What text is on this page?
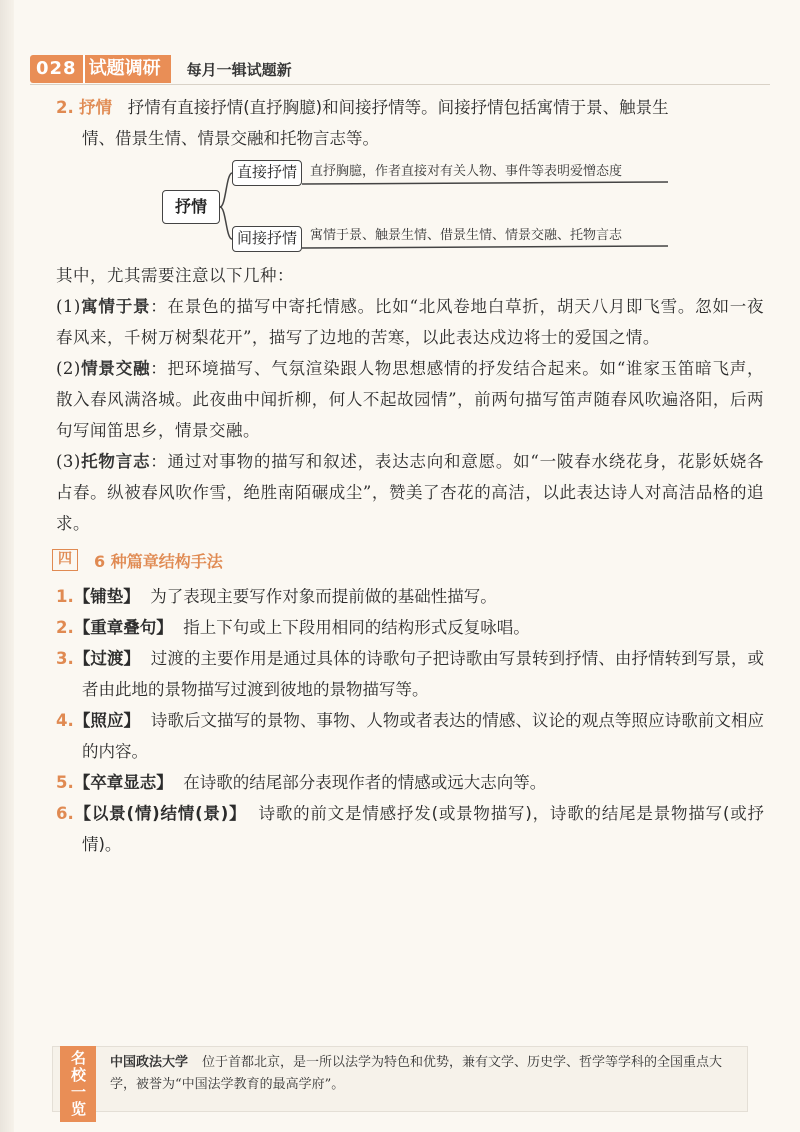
028 试题调研	每月一辑试题新

2. 抒情 抒情有直接抒情(直抒胸臆)和间接抒情等。间接抒情包括寓情于景、触景生
情、借景生情、情景交融和托物言志等。

抒情
直接抒情
间接抒情
直抒胸臆，作者直接对有关人物、事件等表明爱憎态度
寓情于景、触景生情、借景生情、情景交融、托物言志

其中，尤其需要注意以下几种：

(1)寓情于景：在景色的描写中寄托情感。比如“北风卷地白草折，胡天八月即飞雪。忽如一夜春风来，千树万树梨花开”，描写了边地的苦寒，以此表达戍边将士的爱国之情。

(2)情景交融：把环境描写、气氛渲染跟人物思想感情的抒发结合起来。如“谁家玉笛暗飞声，散入春风满洛城。此夜曲中闻折柳，何人不起故园情”，前两句描写笛声随春风吹遍洛阳，后两句写闻笛思乡，情景交融。

(3)托物言志：通过对事物的描写和叙述，表达志向和意愿。如“一陂春水绕花身，花影妖娆各占春。纵被春风吹作雪，绝胜南陌碾成尘”，赞美了杏花的高洁，以此表达诗人对高洁品格的追求。

四	6 种篇章结构手法

1.【铺垫】 为了表现主要写作对象而提前做的基础性描写。

2.【重章叠句】 指上下句或上下段用相同的结构形式反复咏唱。

3.【过渡】 过渡的主要作用是通过具体的诗歌句子把诗歌由写景转到抒情、由抒情转到写景，或者由此地的景物描写过渡到彼地的景物描写等。

4.【照应】 诗歌后文描写的景物、事物、人物或者表达的情感、议论的观点等照应诗歌前文相应的内容。

5.【卒章显志】 在诗歌的结尾部分表现作者的情感或远大志向等。

6.【以景(情)结情(景)】 诗歌的前文是情感抒发(或景物描写)，诗歌的结尾是景物描写(或抒情)。

名校一览	中国政法大学 位于首都北京，是一所以法学为特色和优势，兼有文学、历史学、哲学等学科的全国重点大学，被誉为“中国法学教育的最高学府”。
